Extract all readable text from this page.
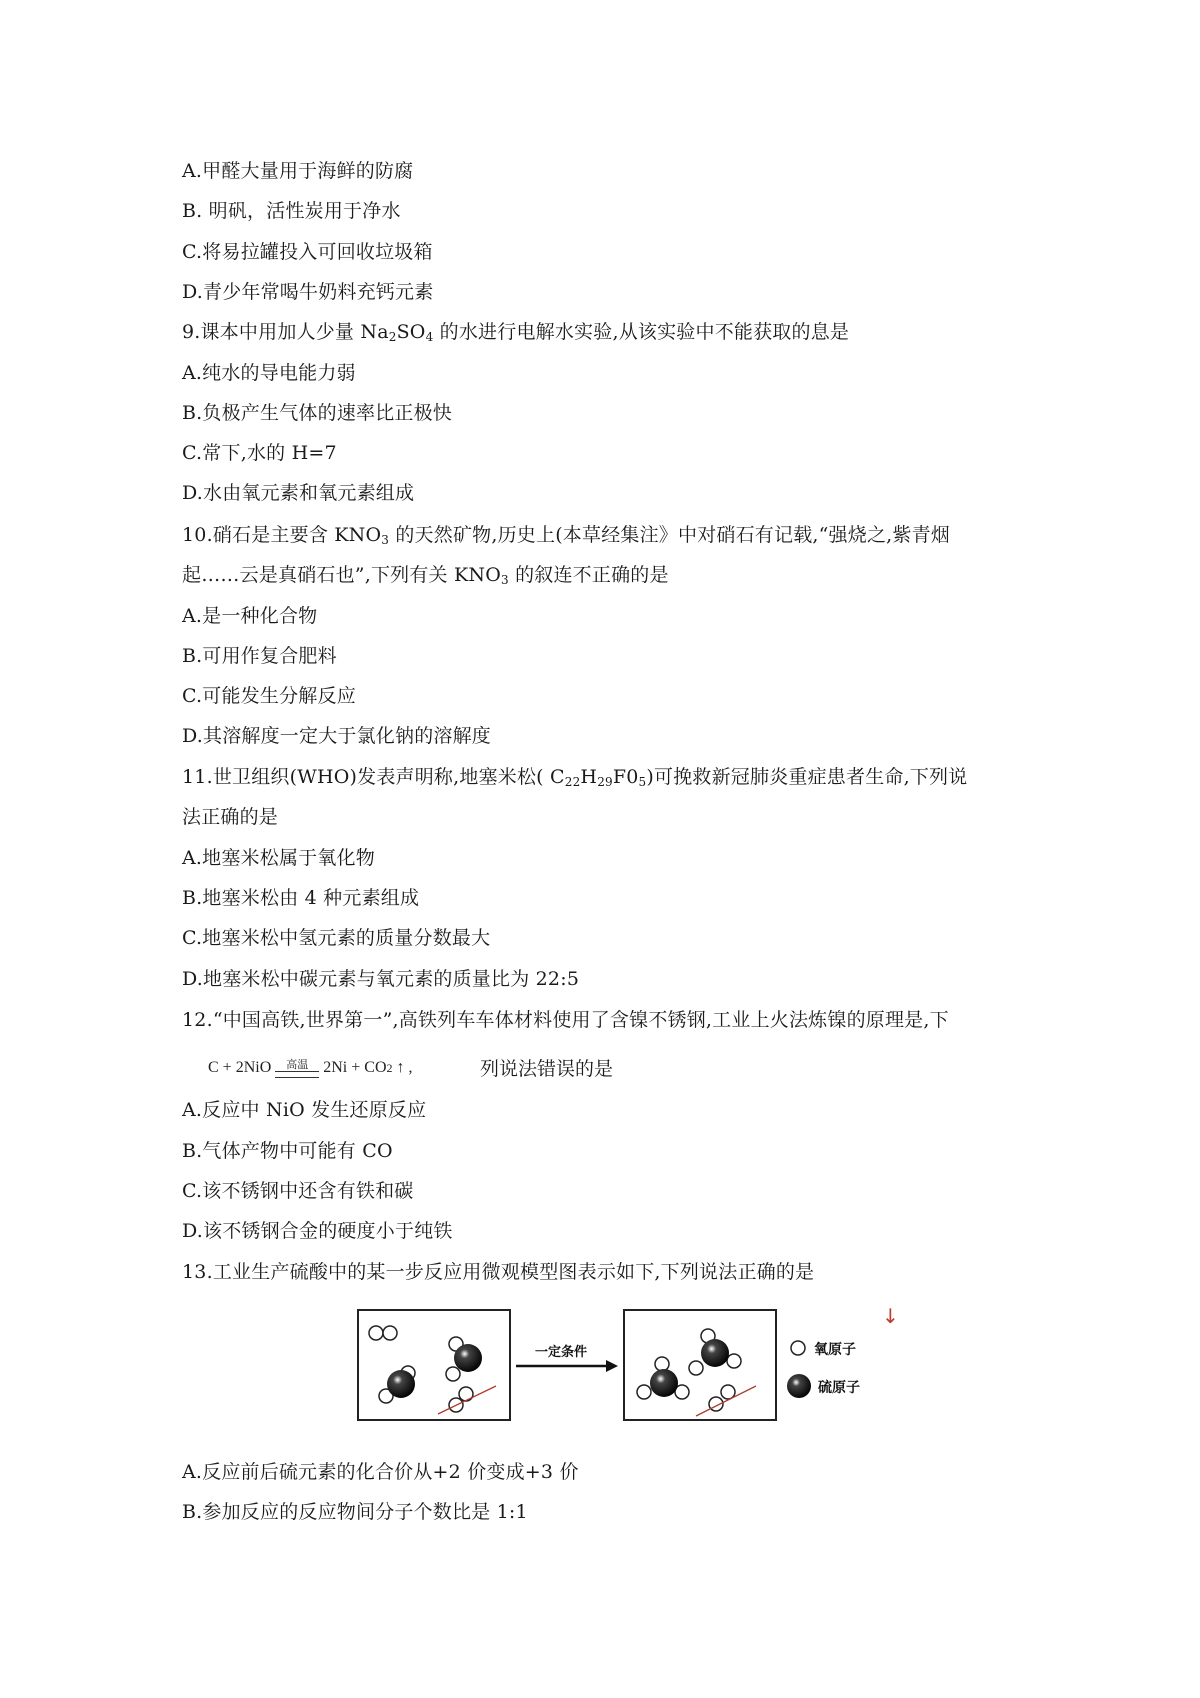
A.甲醛大量用于海鲜的防腐
B. 明矾，活性炭用于净水
C.将易拉罐投入可回收垃圾箱
D.青少年常喝牛奶料充钙元素
9.课本中用加人少量 $Na_2SO_4$ 的水进行电解水实验,从该实验中不能获取的息是
A.纯水的导电能力弱
B.负极产生气体的速率比正极快
C.常下,水的 H=7
D.水由氧元素和氧元素组成
10.硝石是主要含 $KNO_3$ 的天然矿物,历史上(本草经集注》中对硝石有记载,“强烧之,紫青烟
起……云是真硝石也”,下列有关 $KNO_3$ 的叙连不正确的是
A.是一种化合物
B.可用作复合肥料
C.可能发生分解反应
D.其溶解度一定大于氯化钠的溶解度
11.世卫组织(WHO)发表声明称,地塞米松( $C_{22}H_{29}F0_5$)可挽救新冠肺炎重症患者生命,下列说
法正确的是
A.地塞米松属于氧化物
B.地塞米松由 4 种元素组成
C.地塞米松中氢元素的质量分数最大
D.地塞米松中碳元素与氧元素的质量比为 22:5
12.“中国高铁,世界第一”,高铁列车车体材料使用了含镍不锈钢,工业上火法炼镍的原理是,下
C + 2NiO 高温 2Ni + CO 2 ↑ ,	列说法错误的是
A.反应中 NiO 发生还原反应
B.气体产物中可能有 CO
C.该不锈钢中还含有铁和碳
D.该不锈钢合金的硬度小于纯铁
13.工业生产硫酸中的某一步反应用微观模型图表示如下,下列说法正确的是
一定条件	氧原子
硫原子
↓
A.反应前后硫元素的化合价从+2 价变成+3 价
B.参加反应的反应物间分子个数比是 1:1
